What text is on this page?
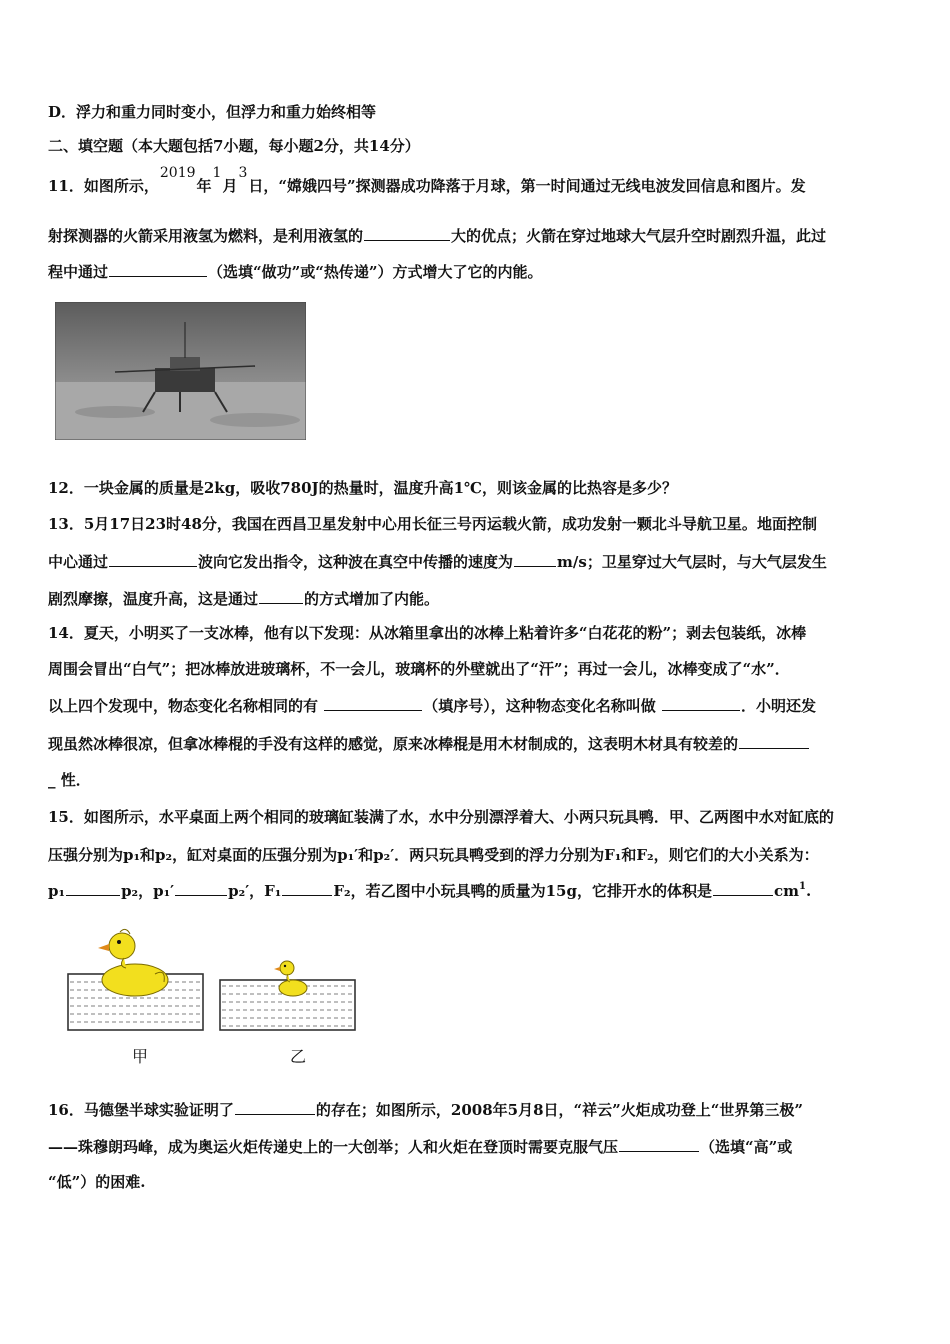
D．浮力和重力同时变小，但浮力和重力始终相等
二、填空题（本大题包括7小题，每小题2分，共14分）
11．如图所示，2019年1月3日，“嫦娥四号”探测器成功降落于月球，第一时间通过无线电波发回信息和图片。发
射探测器的火箭采用液氢为燃料，是利用液氢的	大的优点；火箭在穿过地球大气层升空时剧烈升温，此过
程中通过	（选填“做功”或“热传递”）方式增大了它的内能。
12．一块金属的质量是2kg，吸收780J的热量时，温度升高1℃，则该金属的比热容是多少？
13．5月17日23时48分，我国在西昌卫星发射中心用长征三号丙运载火箭，成功发射一颗北斗导航卫星。地面控制
中心通过	波向它发出指令，这种波在真空中传播的速度为	m/s；卫星穿过大气层时，与大气层发生
剧烈摩擦，温度升高，这是通过	的方式增加了内能。
14．夏天，小明买了一支冰棒，他有以下发现：从冰箱里拿出的冰棒上粘着许多“白花花的粉”；剥去包装纸，冰棒
周围会冒出“白气”；把冰棒放进玻璃杯，不一会儿，玻璃杯的外壁就出了“汗”；再过一会儿，冰棒变成了“水”．
以上四个发现中，物态变化名称相同的有	（填序号），这种物态变化名称叫做	．小明还发
现虽然冰棒很凉，但拿冰棒棍的手没有这样的感觉，原来冰棒棍是用木材制成的，这表明木材具有较差的
_ 性．
15．如图所示，水平桌面上两个相同的玻璃缸装满了水，水中分别漂浮着大、小两只玩具鸭．甲、乙两图中水对缸底的
压强分别为p₁和p₂，缸对桌面的压强分别为p₁′和p₂′．两只玩具鸭受到的浮力分别为F₁和F₂，则它们的大小关系为：
p₁	p₂，p₁′	p₂′，F₁	F₂，若乙图中小玩具鸭的质量为15g，它排开水的体积是	$cm^1$.
甲	乙
16．马德堡半球实验证明了	的存在；如图所示，2008年5月8日，“祥云”火炬成功登上“世界第三极”
——珠穆朗玛峰，成为奥运火炬传递史上的一大创举；人和火炬在登顶时需要克服气压	（选填“高”或
“低”）的困难.
